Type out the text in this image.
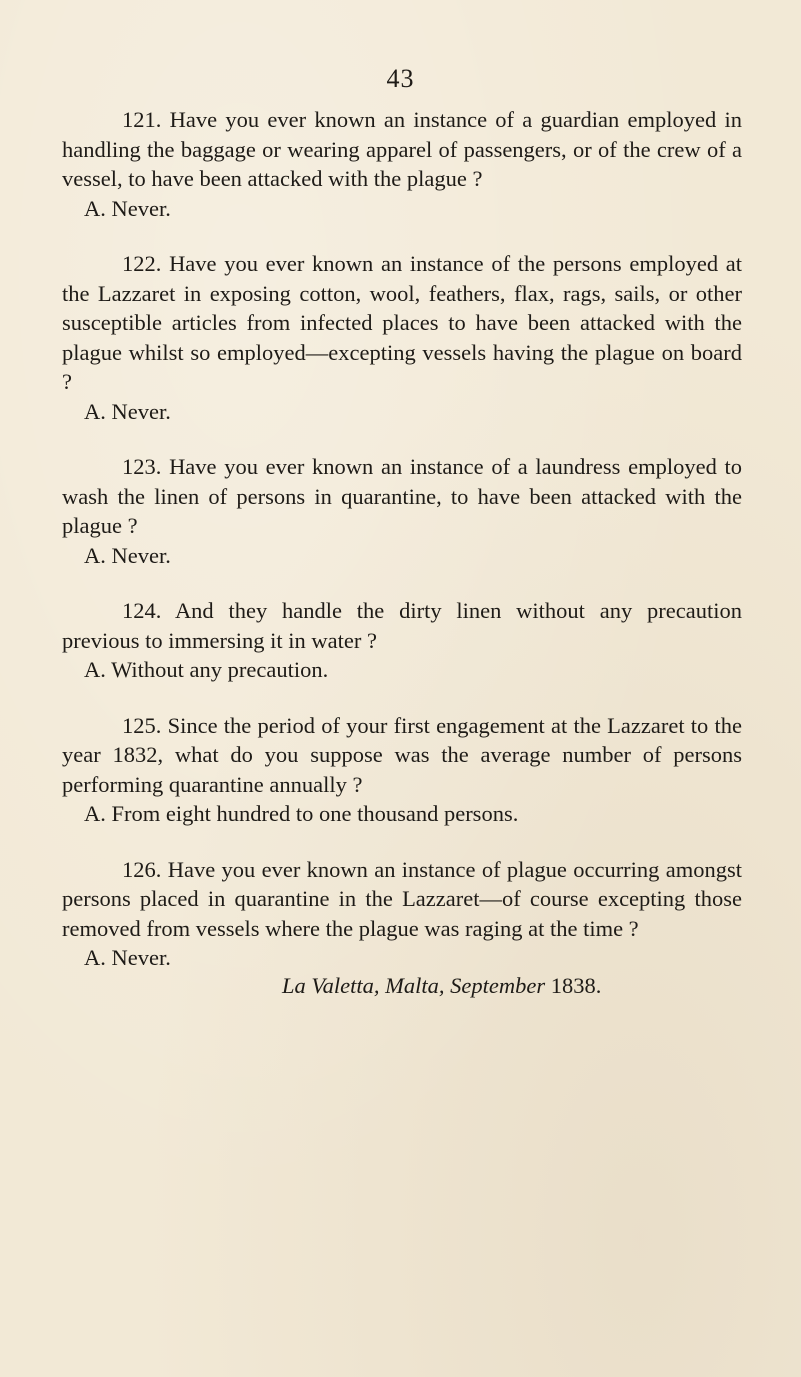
43

121. Have you ever known an instance of a guardian employed in handling the baggage or wearing apparel of passengers, or of the crew of a vessel, to have been attacked with the plague ?

A. Never.

122. Have you ever known an instance of the persons employed at the Lazzaret in exposing cotton, wool, feathers, flax, rags, sails, or other susceptible articles from infected places to have been attacked with the plague whilst so employed—excepting vessels having the plague on board ?

A. Never.

123. Have you ever known an instance of a laundress employed to wash the linen of persons in quarantine, to have been attacked with the plague ?

A. Never.

124. And they handle the dirty linen without any precaution previous to immersing it in water ?

A. Without any precaution.

125. Since the period of your first engagement at the Lazzaret to the year 1832, what do you suppose was the average number of persons performing quarantine annually ?

A. From eight hundred to one thousand persons.

126. Have you ever known an instance of plague occurring amongst persons placed in quarantine in the Lazzaret—of course excepting those removed from vessels where the plague was raging at the time ?

A. Never.

La Valetta, Malta, September 1838.
